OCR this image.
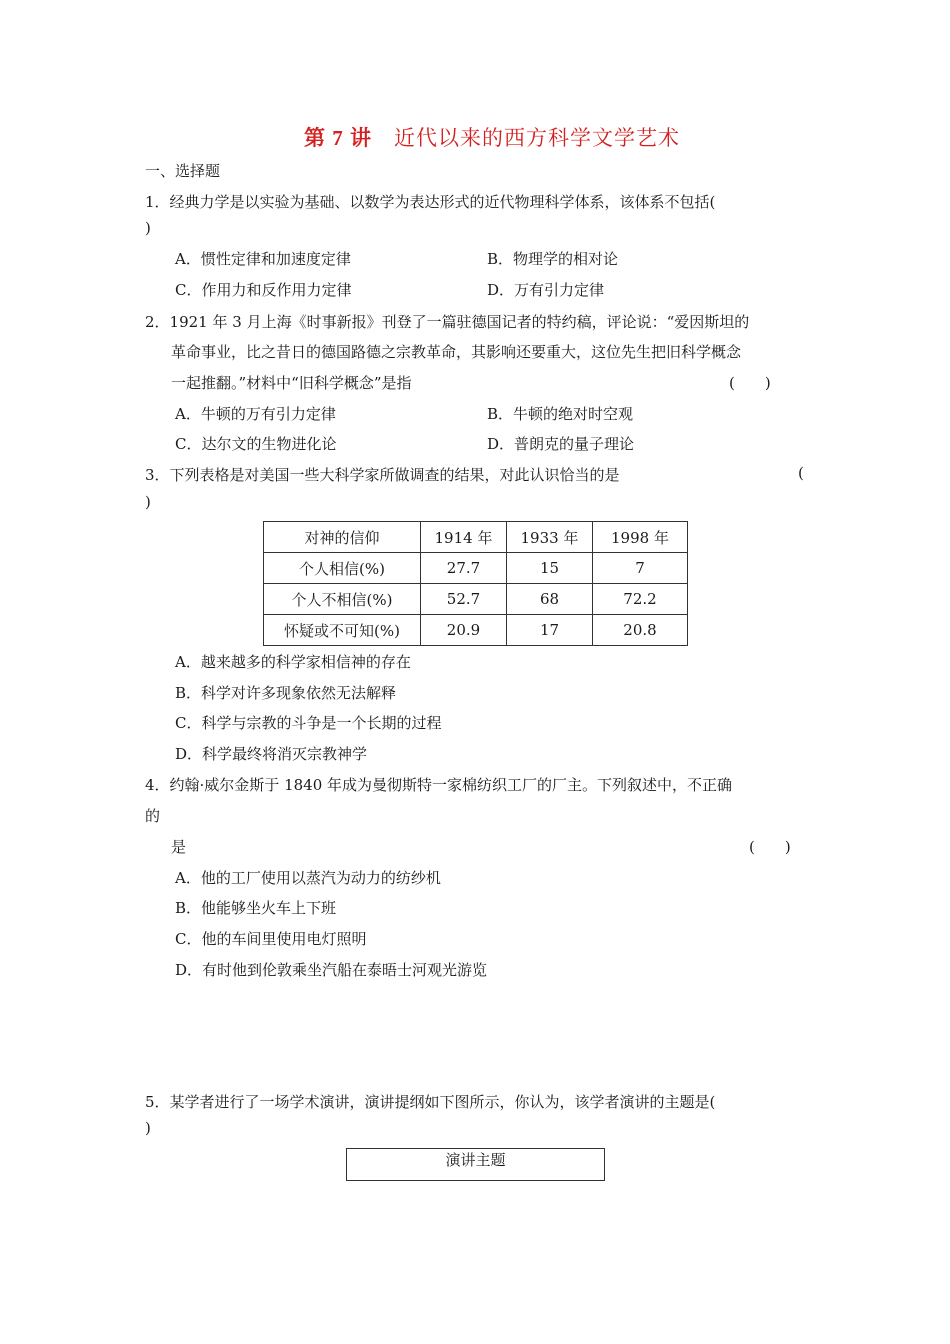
第 7 讲　 近代以来的西方科学文学艺术
一、选择题
1．经典力学是以实验为基础、以数学为表达形式的近代物理科学体系，该体系不包括(
)
A．惯性定律和加速度定律	B．物理学的相对论
C．作用力和反作用力定律	D．万有引力定律
2．1921 年 3 月上海《时事新报》刊登了一篇驻德国记者的特约稿，评论说：“爱因斯坦的
革命事业，比之昔日的德国路德之宗教革命，其影响还要重大，这位先生把旧科学概念
一起推翻。”材料中“旧科学概念”是指	(　　)
A．牛顿的万有引力定律	B．牛顿的绝对时空观
C．达尔文的生物进化论	D．普朗克的量子理论
3．下列表格是对美国一些大科学家所做调查的结果，对此认识恰当的是	(
)
对神的信仰	1914 年	1933 年	1998 年
个人相信(%)	27.7	15	7
个人不相信(%)	52.7	68	72.2
怀疑或不可知(%)	20.9	17	20.8
A．越来越多的科学家相信神的存在
B．科学对许多现象依然无法解释
C．科学与宗教的斗争是一个长期的过程
D．科学最终将消灭宗教神学
4．约翰·威尔金斯于 1840 年成为曼彻斯特一家棉纺织工厂的厂主。下列叙述中，不正确
的
是	(　　)
A．他的工厂使用以蒸汽为动力的纺纱机
B．他能够坐火车上下班
C．他的车间里使用电灯照明
D．有时他到伦敦乘坐汽船在泰晤士河观光游览
5．某学者进行了一场学术演讲，演讲提纲如下图所示，你认为，该学者演讲的主题是(
)
演讲主题
